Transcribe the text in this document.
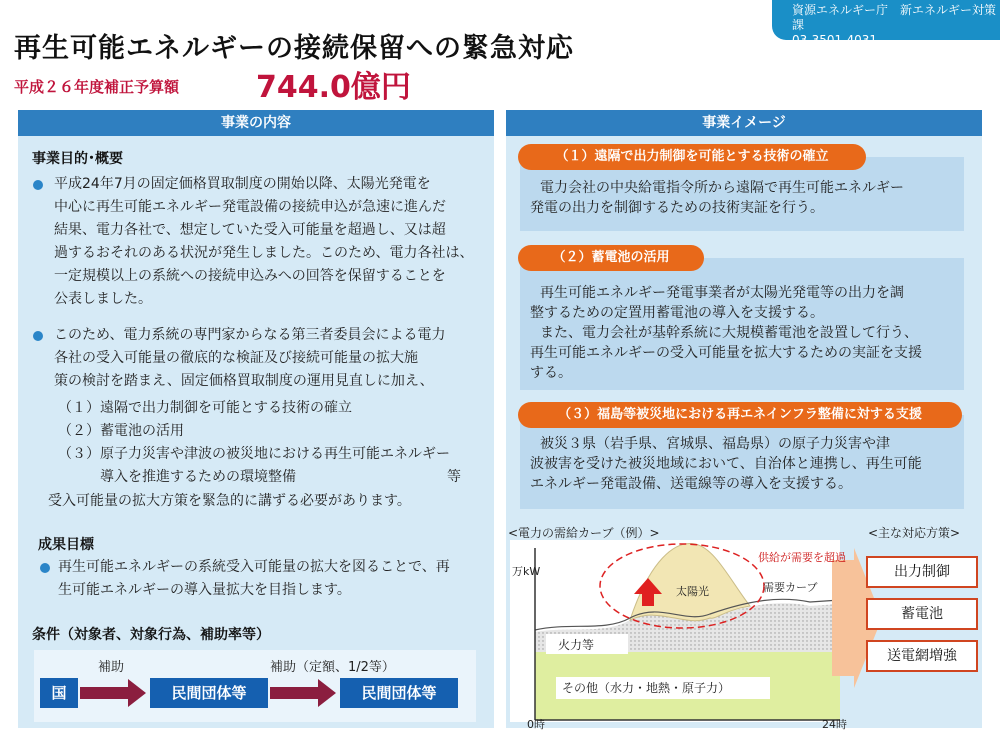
資源エネルギー庁　新エネルギー対策課
03-3501-4031
再生可能エネルギーの接続保留への緊急対応
平成２６年度補正予算額	744.0億円
事業の内容
事業目的･概要
平成24年7月の固定価格買取制度の開始以降、太陽光発電を
中心に再生可能エネルギー発電設備の接続申込が急速に進んだ
結果、電力各社で、想定していた受入可能量を超過し、又は超
過するおそれのある状況が発生しました。このため、電力各社は、
一定規模以上の系統への接続申込みへの回答を保留することを
公表しました。
このため、電力系統の専門家からなる第三者委員会による電力
各社の受入可能量の徹底的な検証及び接続可能量の拡大施
策の検討を踏まえ、固定価格買取制度の運用見直しに加え、
（１）遠隔で出力制御を可能とする技術の確立
（２）蓄電池の活用
（３）原子力災害や津波の被災地における再生可能エネルギー
導入を推進するための環境整備	等
受入可能量の拡大方策を緊急的に講ずる必要があります。
成果目標
再生可能エネルギーの系統受入可能量の拡大を図ることで、再
生可能エネルギーの導入量拡大を目指します。
条件（対象者、対象行為、補助率等）
補助	補助（定額、1/2等）
国	民間団体等	民間団体等
事業イメージ
（１）遠隔で出力制御を可能とする技術の確立
電力会社の中央給電指令所から遠隔で再生可能エネルギー
発電の出力を制御するための技術実証を行う。
（２）蓄電池の活用
再生可能エネルギー発電事業者が太陽光発電等の出力を調
整するための定置用蓄電池の導入を支援する。
また、電力会社が基幹系統に大規模蓄電池を設置して行う、
再生可能エネルギーの受入可能量を拡大するための実証を支援
する。
（３）福島等被災地における再エネインフラ整備に対する支援
被災３県（岩手県、宮城県、福島県）の原子力災害や津
波被害を受けた被災地域において、自治体と連携し、再生可能
エネルギー発電設備、送電線等の導入を支援する。
<電力の需給カーブ（例）>	<主な対応方策>
万kW
0時	24時
供給が需要を超過
太陽光	需要カーブ
火力等
その他（水力・地熱・原子力）
出力制御
蓄電池
送電網増強
